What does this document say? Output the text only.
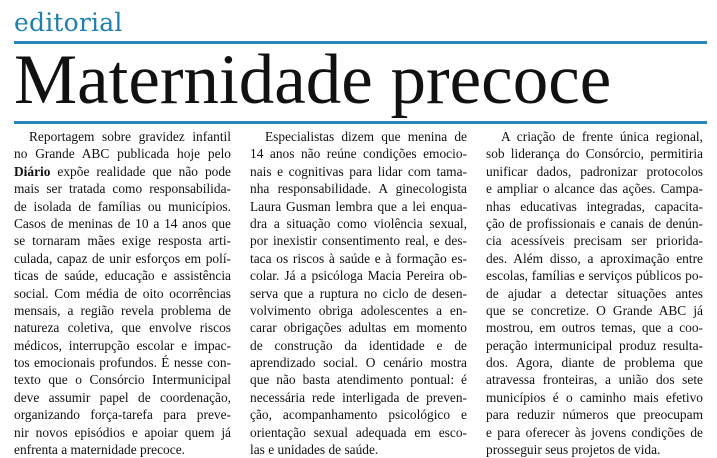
editorial
Maternidade precoce
Reportagem sobre gravidez infantil
no Grande ABC publicada hoje pelo
Diário expõe realidade que não pode
mais ser tratada como responsabilida-
de isolada de famílias ou municípios.
Casos de meninas de 10 a 14 anos que
se tornaram mães exige resposta arti-
culada, capaz de unir esforços em polí-
ticas de saúde, educação e assistência
social. Com média de oito ocorrências
mensais, a região revela problema de
natureza coletiva, que envolve riscos
médicos, interrupção escolar e impac-
tos emocionais profundos. É nesse con-
texto que o Consórcio Intermunicipal
deve assumir papel de coordenação,
organizando força-tarefa para preve-
nir novos episódios e apoiar quem já
enfrenta a maternidade precoce.
Especialistas dizem que menina de
14 anos não reúne condições emocio-
nais e cognitivas para lidar com tama-
nha responsabilidade. A ginecologista
Laura Gusman lembra que a lei enqua-
dra a situação como violência sexual,
por inexistir consentimento real, e des-
taca os riscos à saúde e à formação es-
colar. Já a psicóloga Macia Pereira ob-
serva que a ruptura no ciclo de desen-
volvimento obriga adolescentes a en-
carar obrigações adultas em momento
de construção da identidade e de
aprendizado social. O cenário mostra
que não basta atendimento pontual: é
necessária rede interligada de preven-
ção, acompanhamento psicológico e
orientação sexual adequada em esco-
las e unidades de saúde.
A criação de frente única regional,
sob liderança do Consórcio, permitiria
unificar dados, padronizar protocolos
e ampliar o alcance das ações. Campa-
nhas educativas integradas, capacita-
ção de profissionais e canais de denún-
cia acessíveis precisam ser priorida-
des. Além disso, a aproximação entre
escolas, famílias e serviços públicos po-
de ajudar a detectar situações antes
que se concretize. O Grande ABC já
mostrou, em outros temas, que a coo-
peração intermunicipal produz resulta-
dos. Agora, diante de problema que
atravessa fronteiras, a união dos sete
municípios é o caminho mais efetivo
para reduzir números que preocupam
e para oferecer às jovens condições de
prosseguir seus projetos de vida.
